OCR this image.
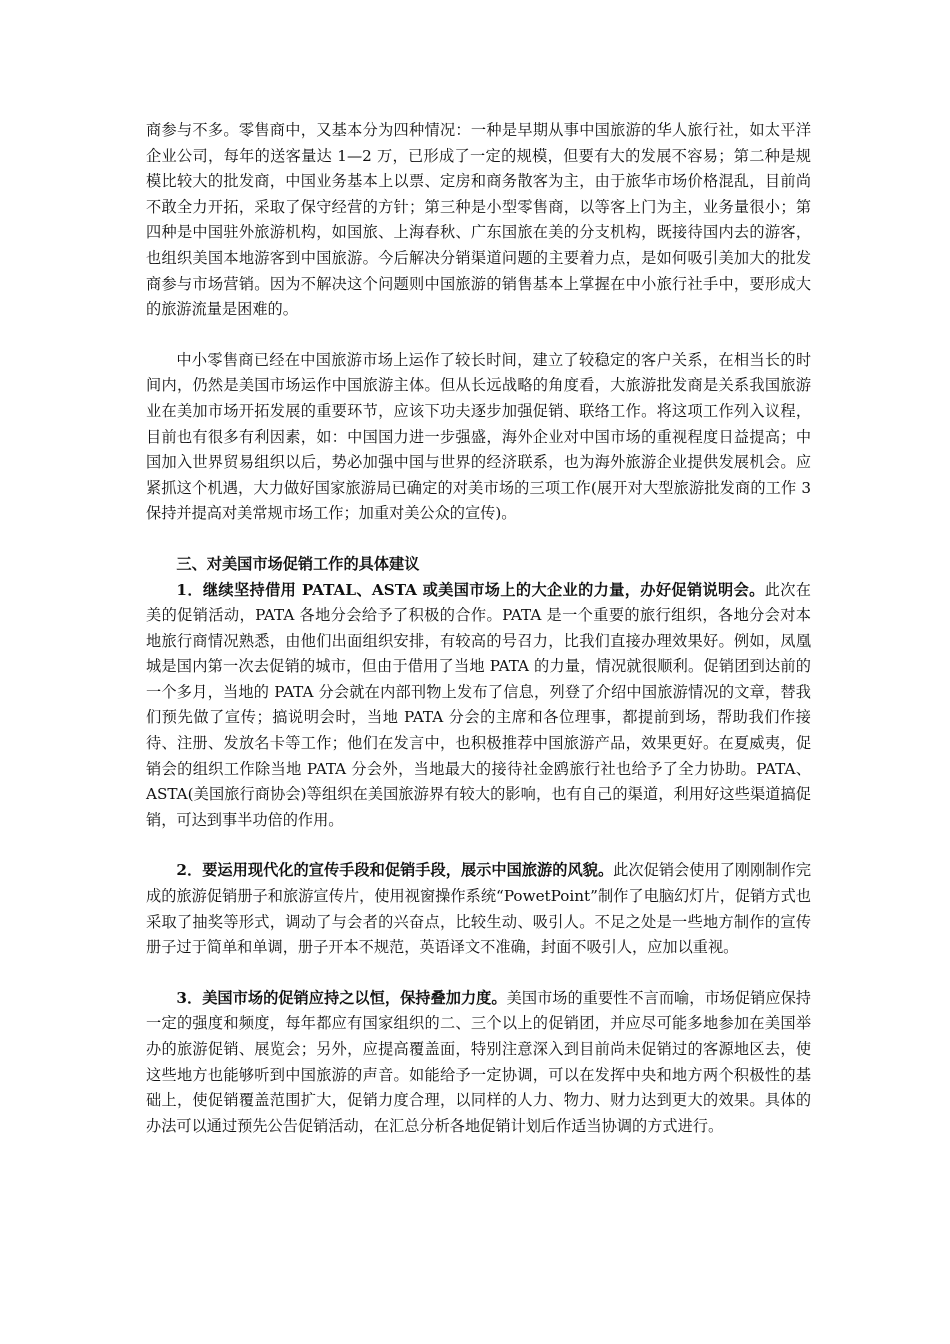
商参与不多。零售商中，又基本分为四种情况：一种是早期从事中国旅游的华人旅行社，如太平洋企业公司，每年的送客量达 1—2 万，已形成了一定的规模，但要有大的发展不容易；第二种是规模比较大的批发商，中国业务基本上以票、定房和商务散客为主，由于旅华市场价格混乱，目前尚不敢全力开拓，采取了保守经营的方针；第三种是小型零售商，以等客上门为主，业务量很小；第四种是中国驻外旅游机构，如国旅、上海春秋、广东国旅在美的分支机构，既接待国内去的游客，也组织美国本地游客到中国旅游。今后解决分销渠道问题的主要着力点，是如何吸引美加大的批发商参与市场营销。因为不解决这个问题则中国旅游的销售基本上掌握在中小旅行社手中，要形成大的旅游流量是困难的。

中小零售商已经在中国旅游市场上运作了较长时间，建立了较稳定的客户关系，在相当长的时间内，仍然是美国市场运作中国旅游主体。但从长远战略的角度看，大旅游批发商是关系我国旅游业在美加市场开拓发展的重要环节，应该下功夫逐步加强促销、联络工作。将这项工作列入议程，目前也有很多有利因素，如：中国国力进一步强盛，海外企业对中国市场的重视程度日益提高；中国加入世界贸易组织以后，势必加强中国与世界的经济联系，也为海外旅游企业提供发展机会。应紧抓这个机遇，大力做好国家旅游局已确定的对美市场的三项工作(展开对大型旅游批发商的工作 3 保持并提高对美常规市场工作；加重对美公众的宣传)。

三、对美国市场促销工作的具体建议

1．继续坚持借用 PATAL、ASTA 或美国市场上的大企业的力量，办好促销说明会。此次在美的促销活动，PATA 各地分会给予了积极的合作。PATA 是一个重要的旅行组织，各地分会对本地旅行商情况熟悉，由他们出面组织安排，有较高的号召力，比我们直接办理效果好。例如，凤凰城是国内第一次去促销的城市，但由于借用了当地 PATA 的力量，情况就很顺利。促销团到达前的一个多月，当地的 PATA 分会就在内部刊物上发布了信息，列登了介绍中国旅游情况的文章，替我们预先做了宣传；搞说明会时，当地 PATA 分会的主席和各位理事，都提前到场，帮助我们作接待、注册、发放名卡等工作；他们在发言中，也积极推荐中国旅游产品，效果更好。在夏威夷，促销会的组织工作除当地 PATA 分会外，当地最大的接待社金鸥旅行社也给予了全力协助。PATA、ASTA(美国旅行商协会)等组织在美国旅游界有较大的影响，也有自己的渠道，利用好这些渠道搞促销，可达到事半功倍的作用。

2．要运用现代化的宣传手段和促销手段，展示中国旅游的风貌。此次促销会使用了刚刚制作完成的旅游促销册子和旅游宣传片，使用视窗操作系统“PowetPoint”制作了电脑幻灯片，促销方式也采取了抽奖等形式，调动了与会者的兴奋点，比较生动、吸引人。不足之处是一些地方制作的宣传册子过于简单和单调，册子开本不规范，英语译文不准确，封面不吸引人，应加以重视。

3．美国市场的促销应持之以恒，保持叠加力度。美国市场的重要性不言而喻，市场促销应保持一定的强度和频度，每年都应有国家组织的二、三个以上的促销团，并应尽可能多地参加在美国举办的旅游促销、展览会；另外，应提高覆盖面，特别注意深入到目前尚未促销过的客源地区去，使这些地方也能够听到中国旅游的声音。如能给予一定协调，可以在发挥中央和地方两个积极性的基础上，使促销覆盖范围扩大，促销力度合理，以同样的人力、物力、财力达到更大的效果。具体的办法可以通过预先公告促销活动，在汇总分析各地促销计划后作适当协调的方式进行。
